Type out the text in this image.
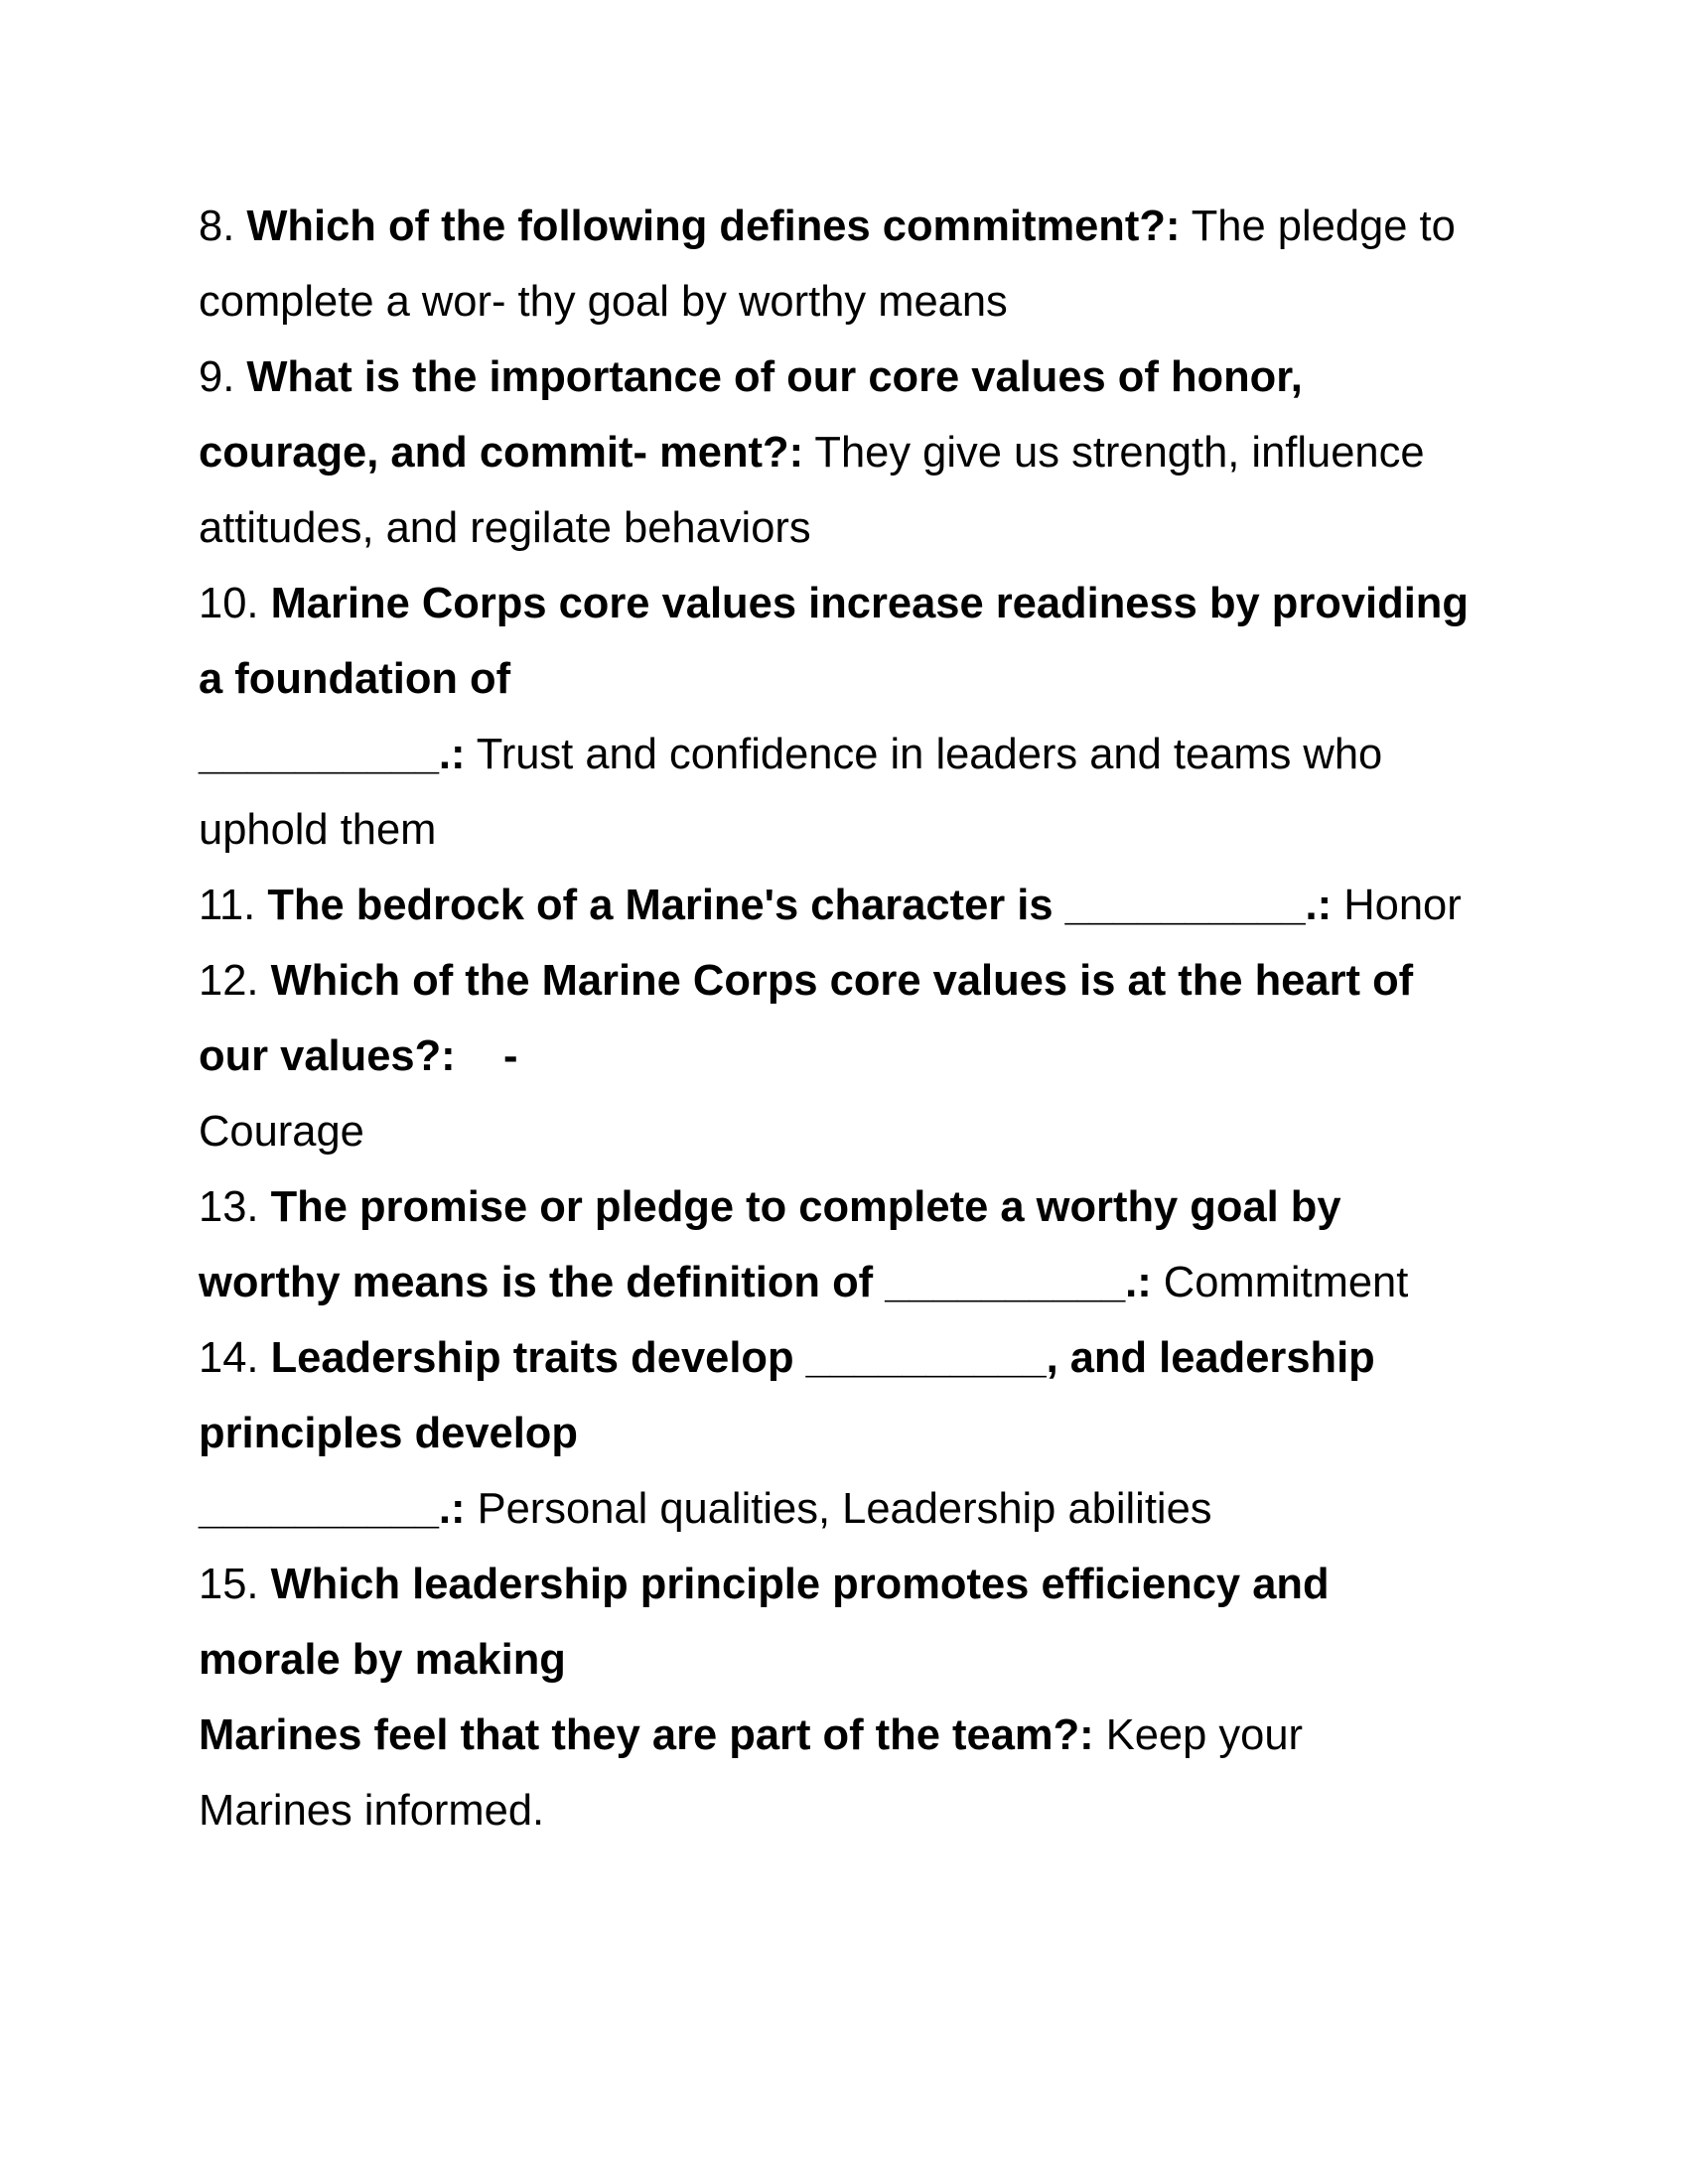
8. Which of the following defines commitment?: The pledge to
complete a wor- thy goal by worthy means
9. What is the importance of our core values of honor,
courage, and commit- ment?: They give us strength, influence
attitudes, and regilate behaviors
10. Marine Corps core values increase readiness by providing
a foundation of
__________.: Trust and confidence in leaders and teams who
uphold them
11. The bedrock of a Marine's character is __________.: Honor
12. Which of the Marine Corps core values is at the heart of
our values?:    -
Courage
13. The promise or pledge to complete a worthy goal by
worthy means is the definition of __________.: Commitment
14. Leadership traits develop __________, and leadership
principles develop
__________.: Personal qualities, Leadership abilities
15. Which leadership principle promotes efficiency and
morale by making
Marines feel that they are part of the team?: Keep your
Marines informed.
